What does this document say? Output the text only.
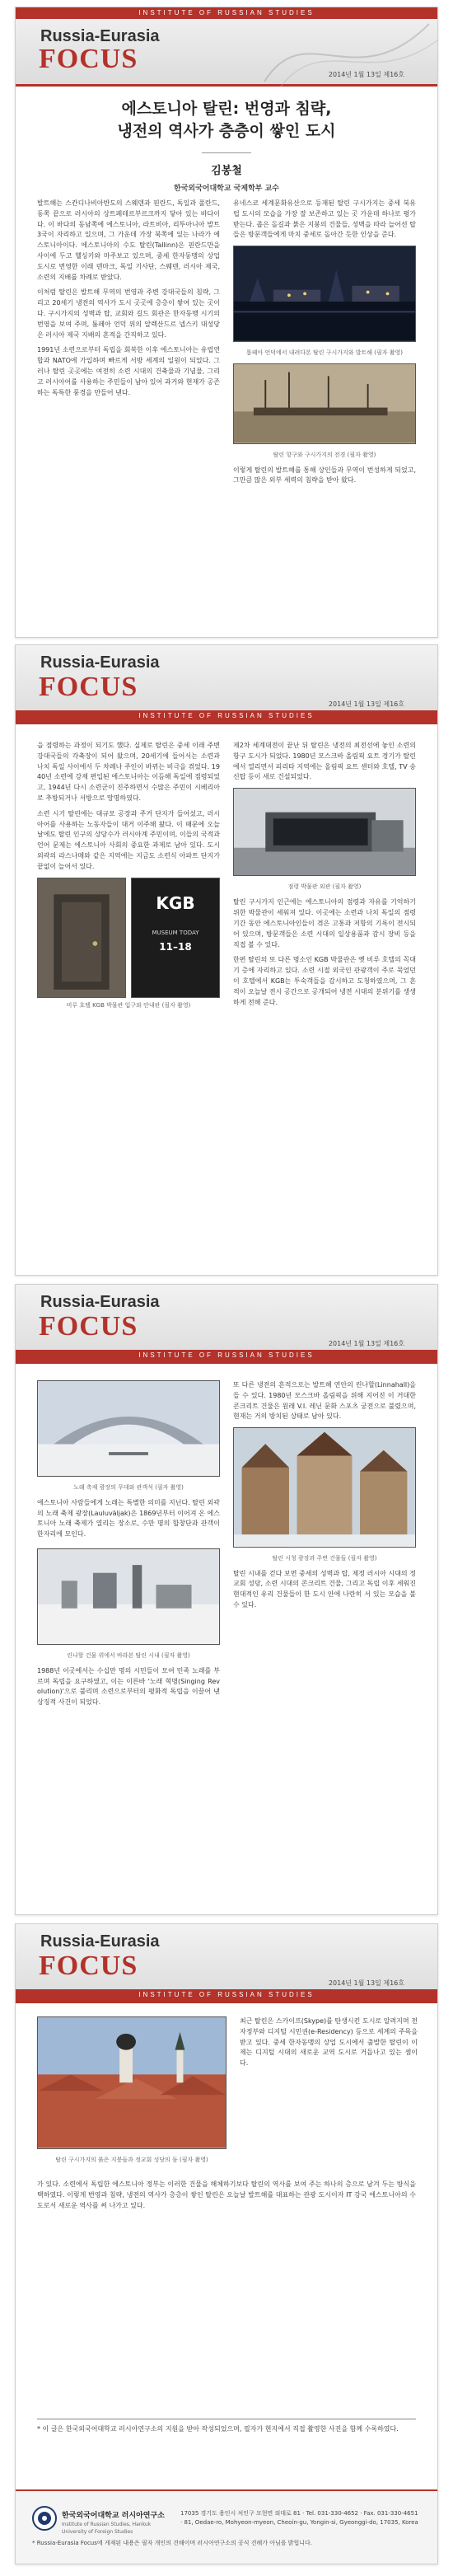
INSTITUTE OF RUSSIAN STUDIES
Russia-Eurasia
FOCUS
2014년 1월 13일 제16호
에스토니아 탈린: 번영과 침략,
냉전의 역사가 층층이 쌓인 도시
김봉철
한국외국어대학교 국제학부 교수

발트해는 스칸디나비아반도의 스웨덴과 핀란드, 독일과 폴란드, 동쪽 끝으로 러시아의 상트페테르부르크까지 닿아 있는 바다이다. 이 바다의 동남쪽에 에스토니아, 라트비아, 리투아니아 발트 3국이 자리하고 있으며, 그 가운데 가장 북쪽에 있는 나라가 에스토니아이다. 에스토니아의 수도 탈린(Tallinn)은 핀란드만을 사이에 두고 헬싱키와 마주보고 있으며, 중세 한자동맹의 상업 도시로 번영한 이래 덴마크, 독일 기사단, 스웨덴, 러시아 제국, 소련의 지배를 차례로 받았다.

이처럼 탈린은 발트해 무역의 번영과 주변 강대국들의 침략, 그리고 20세기 냉전의 역사가 도시 곳곳에 층층이 쌓여 있는 곳이다. 구시가지의 성벽과 탑, 교회와 길드 회관은 한자동맹 시기의 번영을 보여 주며, 툼페아 언덕 위의 알렉산드르 넵스키 대성당은 러시아 제국 지배의 흔적을 간직하고 있다.

1991년 소련으로부터 독립을 회복한 이후 에스토니아는 유럽연합과 NATO에 가입하며 빠르게 서방 세계의 일원이 되었다. 그러나 탈린 곳곳에는 여전히 소련 시대의 건축물과 기념물, 그리고 러시아어를 사용하는 주민들이 남아 있어 과거와 현재가 공존하는 독특한 풍경을 만들어 낸다.

유네스코 세계문화유산으로 등재된 탈린 구시가지는 중세 북유럽 도시의 모습을 가장 잘 보존하고 있는 곳 가운데 하나로 평가받는다. 좁은 돌길과 붉은 지붕의 건물들, 성벽을 따라 늘어선 탑들은 방문객들에게 마치 중세로 돌아간 듯한 인상을 준다.

툼페아 언덕에서 내려다본 탈린 구시가지와 발트해 (필자 촬영)
탈린 항구와 구시가지의 전경 (필자 촬영)

이렇게 탈린의 발트해를 통해 상인들과 무역이 번성하게 되었고, 그만큼 많은 외부 세력의 침략을 받아 왔다.

INSTITUTE OF RUSSIAN STUDIES
Russia-Eurasia
FOCUS
2014년 1월 13일 제16호

을 점령하는 과정이 되기도 했다. 실제로 탈린은 중세 이래 주변 강대국들의 각축장이 되어 왔으며, 20세기에 들어서는 소련과 나치 독일 사이에서 두 차례나 주인이 바뀌는 비극을 겪었다. 1940년 소련에 강제 편입된 에스토니아는 이듬해 독일에 점령되었고, 1944년 다시 소련군이 진주하면서 수많은 주민이 시베리아로 추방되거나 서방으로 망명하였다.

소련 시기 탈린에는 대규모 공장과 주거 단지가 들어섰고, 러시아어를 사용하는 노동자들이 대거 이주해 왔다. 이 때문에 오늘날에도 탈린 인구의 상당수가 러시아계 주민이며, 이들의 국적과 언어 문제는 에스토니아 사회의 중요한 과제로 남아 있다. 도시 외곽의 라스나매와 같은 지역에는 지금도 소련식 아파트 단지가 끝없이 늘어서 있다.

KGB
MUSEUM TODAY
11–18
비루 호텔 KGB 박물관 입구와 안내판 (필자 촬영)

제2차 세계대전이 끝난 뒤 탈린은 냉전의 최전선에 놓인 소련의 항구 도시가 되었다. 1980년 모스크바 올림픽 요트 경기가 탈린에서 열리면서 피리타 지역에는 올림픽 요트 센터와 호텔, TV 송신탑 등이 새로 건설되었다.

점령 박물관 외관 (필자 촬영)

탈린 구시가지 인근에는 에스토니아의 점령과 자유를 기억하기 위한 박물관이 세워져 있다. 이곳에는 소련과 나치 독일의 점령 기간 동안 에스토니아인들이 겪은 고통과 저항의 기록이 전시되어 있으며, 방문객들은 소련 시대의 일상용품과 감시 장비 등을 직접 볼 수 있다.

한편 탈린의 또 다른 명소인 KGB 박물관은 옛 비루 호텔의 꼭대기 층에 자리하고 있다. 소련 시절 외국인 관광객이 주로 묵었던 이 호텔에서 KGB는 투숙객들을 감시하고 도청하였으며, 그 흔적이 오늘날 전시 공간으로 공개되어 냉전 시대의 분위기를 생생하게 전해 준다.

INSTITUTE OF RUSSIAN STUDIES
Russia-Eurasia
FOCUS
2014년 1월 13일 제16호
노래 축제 광장의 무대와 관객석 (필자 촬영)

에스토니아 사람들에게 노래는 특별한 의미를 지닌다. 탈린 외곽의 노래 축제 광장(Lauluväljak)은 1869년부터 이어져 온 에스토니아 노래 축제가 열리는 장소로, 수만 명의 합창단과 관객이 한자리에 모인다.

린나할 건물 위에서 바라본 탈린 시내 (필자 촬영)

1988년 이곳에서는 수십만 명의 시민들이 모여 민족 노래를 부르며 독립을 요구하였고, 이는 이른바 '노래 혁명(Singing Revolution)'으로 불리며 소련으로부터의 평화적 독립을 이끌어 낸 상징적 사건이 되었다.

또 다른 냉전의 흔적으로는 발트해 연안의 린나할(Linnahall)을 들 수 있다. 1980년 모스크바 올림픽을 위해 지어진 이 거대한 콘크리트 건물은 원래 V.I. 레닌 문화 스포츠 궁전으로 불렸으며, 현재는 거의 방치된 상태로 남아 있다.

탈린 시청 광장과 주변 건물들 (필자 촬영)

탈린 시내를 걷다 보면 중세의 성벽과 탑, 제정 러시아 시대의 정교회 성당, 소련 시대의 콘크리트 건물, 그리고 독립 이후 세워진 현대적인 유리 건물들이 한 도시 안에 나란히 서 있는 모습을 볼 수 있다.

INSTITUTE OF RUSSIAN STUDIES
Russia-Eurasia
FOCUS
2014년 1월 13일 제16호
탈린 구시가지의 붉은 지붕들과 정교회 성당의 돔 (필자 촬영)

최근 탈린은 스카이프(Skype)를 탄생시킨 도시로 알려지며 전자정부와 디지털 시민권(e-Residency) 등으로 세계의 주목을 받고 있다. 중세 한자동맹의 상업 도시에서 출발한 탈린이 이제는 디지털 시대의 새로운 교역 도시로 거듭나고 있는 셈이다.

가 있다. 소련에서 독립한 에스토니아 정부는 이러한 건물을 해체하기보다 탈린의 역사를 보여 주는 하나의 층으로 남겨 두는 방식을 택하였다. 이렇게 번영과 침략, 냉전의 역사가 층층이 쌓인 탈린은 오늘날 발트해를 대표하는 관광 도시이자 IT 강국 에스토니아의 수도로서 새로운 역사를 써 나가고 있다.

* 이 글은 한국외국어대학교 러시아연구소의 지원을 받아 작성되었으며, 필자가 현지에서 직접 촬영한 사진을 함께 수록하였다.

한국외국어대학교 러시아연구소
Institute of Russian Studies, Hankuk University of Foreign Studies
17035 경기도 용인시 처인구 모현면 외대로 81 · Tel. 031-330-4652 · Fax. 031-330-4651 · 81, Oedae-ro, Mohyeon-myeon, Cheoin-gu, Yongin-si, Gyeonggi-do, 17035, Korea
* Russia-Eurasia Focus에 게재된 내용은 필자 개인의 견해이며 러시아연구소의 공식 견해가 아님을 밝힙니다.
